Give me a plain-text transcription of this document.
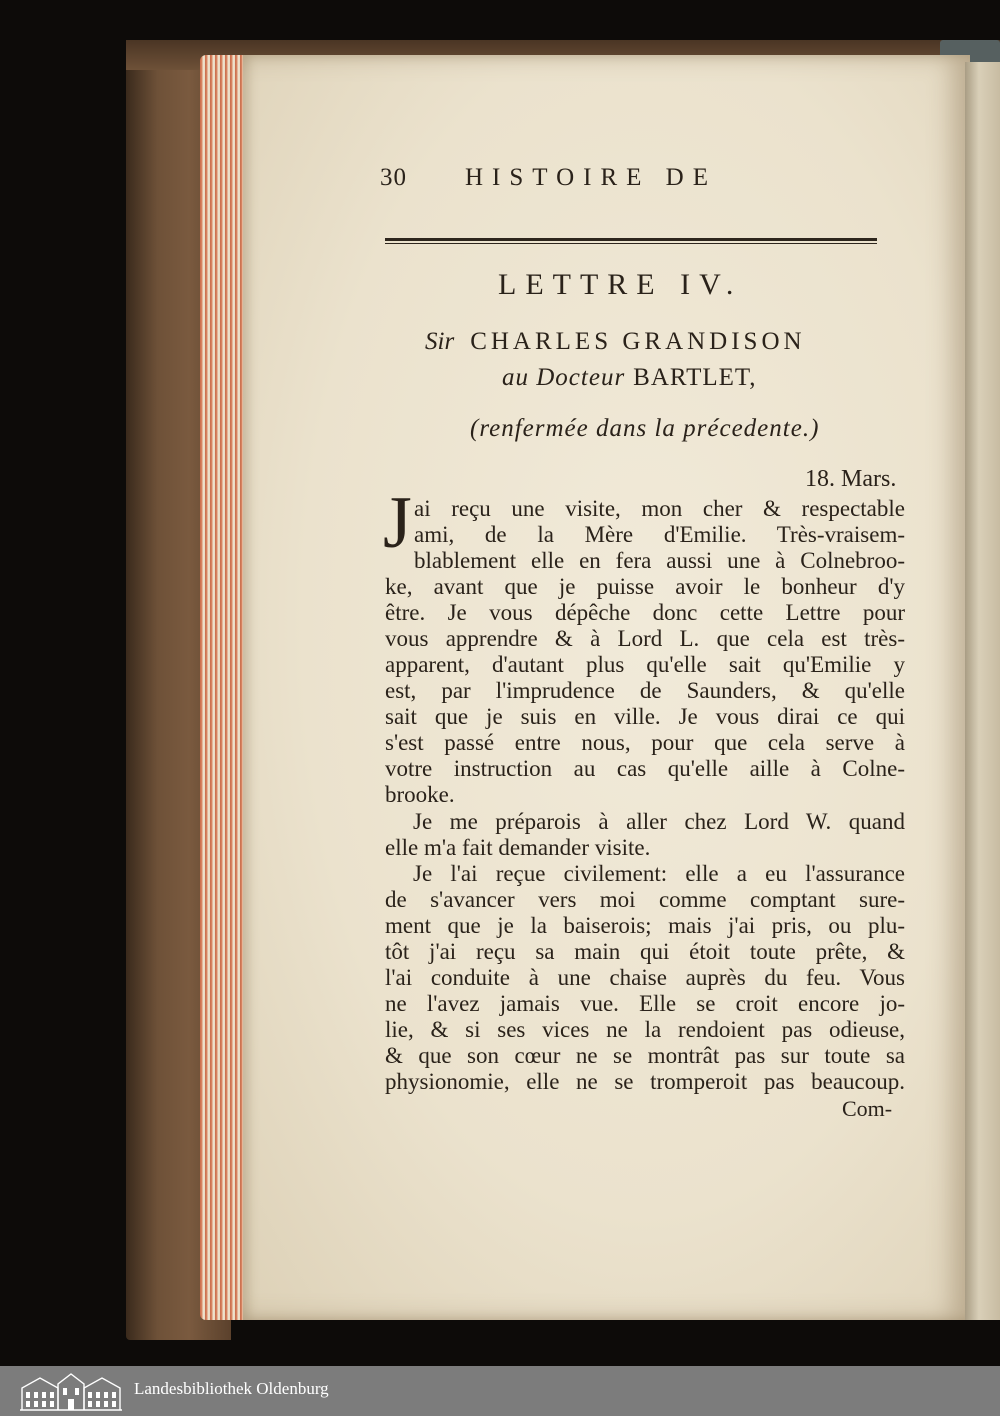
30 HISTOIRE DE
LETTRE IV.
Sir CHARLES GRANDISON
au Docteur BARTLET,
(renfermée dans la précedente.)
18. Mars.
J ai reçu une visite, mon cher & respectable
ami, de la Mère d'Emilie. Très-vraisem-
blablement elle en fera aussi une à Colnebroo-
ke, avant que je puisse avoir le bonheur d'y
être. Je vous dépêche donc cette Lettre pour
vous apprendre & à Lord L. que cela est très-
apparent, d'autant plus qu'elle sait qu'Emilie y
est, par l'imprudence de Saunders, & qu'elle
sait que je suis en ville. Je vous dirai ce qui
s'est passé entre nous, pour que cela serve à
votre instruction au cas qu'elle aille à Colne-
brooke.
Je me préparois à aller chez Lord W. quand
elle m'a fait demander visite.
Je l'ai reçue civilement: elle a eu l'assurance
de s'avancer vers moi comme comptant sure-
ment que je la baiserois; mais j'ai pris, ou plu-
tôt j'ai reçu sa main qui étoit toute prête, &
l'ai conduite à une chaise auprès du feu. Vous
ne l'avez jamais vue. Elle se croit encore jo-
lie, & si ses vices ne la rendoient pas odieuse,
& que son cœur ne se montrât pas sur toute sa
physionomie, elle ne se tromperoit pas beaucoup.
Com-
Landesbibliothek Oldenburg
